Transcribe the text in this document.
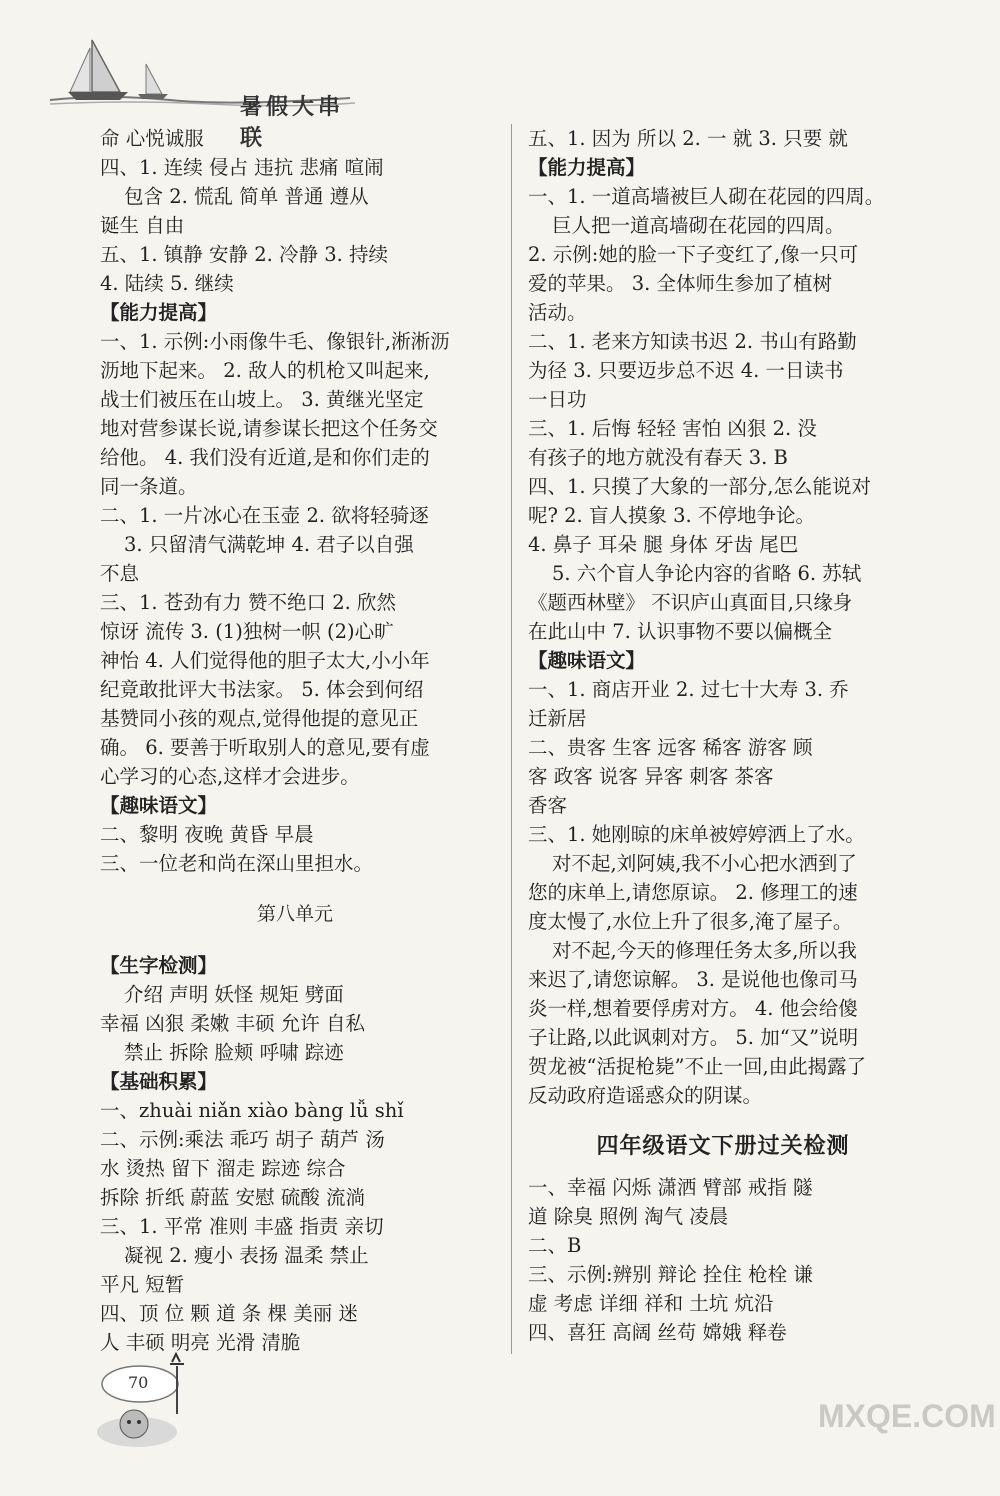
暑假大串联
命 心悦诚服
四、1. 连续 侵占 违抗 悲痛 喧闹
包含 2. 慌乱 简单 普通 遵从
诞生 自由
五、1. 镇静 安静 2. 冷静 3. 持续
4. 陆续 5. 继续
【能力提高】
一、1. 示例:小雨像牛毛、像银针,淅淅沥
沥地下起来。 2. 敌人的机枪又叫起来,
战士们被压在山坡上。 3. 黄继光坚定
地对营参谋长说,请参谋长把这个任务交
给他。 4. 我们没有近道,是和你们走的
同一条道。
二、1. 一片冰心在玉壶 2. 欲将轻骑逐
3. 只留清气满乾坤 4. 君子以自强
不息
三、1. 苍劲有力 赞不绝口 2. 欣然
惊讶 流传 3. (1)独树一帜 (2)心旷
神怡 4. 人们觉得他的胆子太大,小小年
纪竟敢批评大书法家。 5. 体会到何绍
基赞同小孩的观点,觉得他提的意见正
确。 6. 要善于听取别人的意见,要有虚
心学习的心态,这样才会进步。
【趣味语文】
二、黎明 夜晚 黄昏 早晨
三、一位老和尚在深山里担水。
第八单元
【生字检测】
介绍 声明 妖怪 规矩 劈面
幸福 凶狠 柔嫩 丰硕 允许 自私
禁止 拆除 脸颊 呼啸 踪迹
【基础积累】
一、zhuài niǎn xiào bàng lǚ shǐ
二、示例:乘法 乖巧 胡子 葫芦 汤
水 烫热 留下 溜走 踪迹 综合
拆除 折纸 蔚蓝 安慰 硫酸 流淌
三、1. 平常 准则 丰盛 指责 亲切
凝视 2. 瘦小 表扬 温柔 禁止
平凡 短暂
四、顶 位 颗 道 条 棵 美丽 迷
人 丰硕 明亮 光滑 清脆
五、1. 因为 所以 2. 一 就 3. 只要 就
【能力提高】
一、1. 一道高墙被巨人砌在花园的四周。
巨人把一道高墙砌在花园的四周。
2. 示例:她的脸一下子变红了,像一只可
爱的苹果。 3. 全体师生参加了植树
活动。
二、1. 老来方知读书迟 2. 书山有路勤
为径 3. 只要迈步总不迟 4. 一日读书
一日功
三、1. 后悔 轻轻 害怕 凶狠 2. 没
有孩子的地方就没有春天 3. B
四、1. 只摸了大象的一部分,怎么能说对
呢? 2. 盲人摸象 3. 不停地争论。
4. 鼻子 耳朵 腿 身体 牙齿 尾巴
5. 六个盲人争论内容的省略 6. 苏轼
《题西林壁》 不识庐山真面目,只缘身
在此山中 7. 认识事物不要以偏概全
【趣味语文】
一、1. 商店开业 2. 过七十大寿 3. 乔
迁新居
二、贵客 生客 远客 稀客 游客 顾
客 政客 说客 异客 刺客 茶客
香客
三、1. 她刚晾的床单被婷婷洒上了水。
对不起,刘阿姨,我不小心把水洒到了
您的床单上,请您原谅。 2. 修理工的速
度太慢了,水位上升了很多,淹了屋子。
对不起,今天的修理任务太多,所以我
来迟了,请您谅解。 3. 是说他也像司马
炎一样,想着要俘虏对方。 4. 他会给傻
子让路,以此讽刺对方。 5. 加“又”说明
贺龙被“活捉枪毙”不止一回,由此揭露了
反动政府造谣惑众的阴谋。
四年级语文下册过关检测
一、幸福 闪烁 潇洒 臂部 戒指 隧
道 除臭 照例 淘气 凌晨
二、B
三、示例:辨别 辩论 拴住 枪栓 谦
虚 考虑 详细 祥和 土坑 炕沿
四、喜狂 高阔 丝苟 嫦娥 释卷
70
MXQE.COM
